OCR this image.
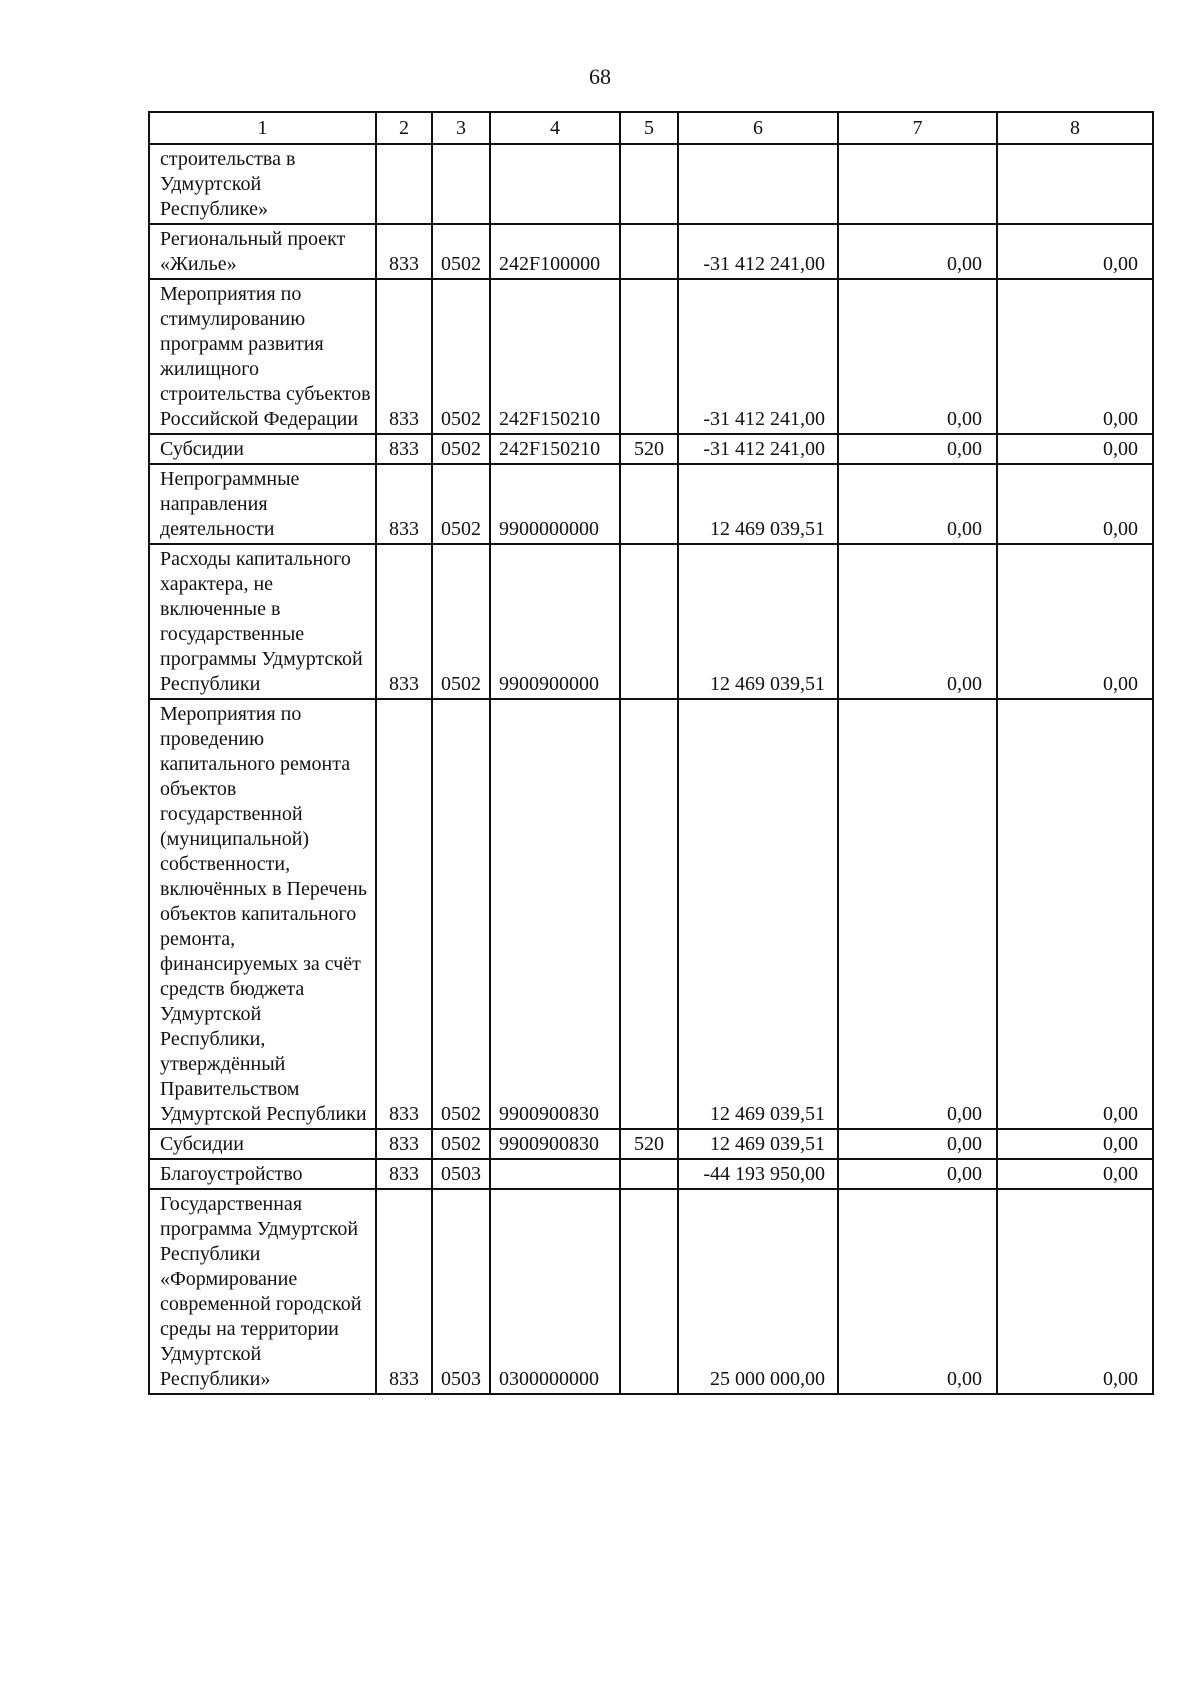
68
1	2	3	4	5	6	7	8
строительства в Удмуртской Республике»							
Региональный проект «Жилье»	833	0502	242F100000		-31 412 241,00	0,00	0,00
Мероприятия по стимулированию программ развития жилищного строительства субъектов Российской Федерации	833	0502	242F150210		-31 412 241,00	0,00	0,00
Субсидии	833	0502	242F150210	520	-31 412 241,00	0,00	0,00
Непрограммные направления деятельности	833	0502	9900000000		12 469 039,51	0,00	0,00
Расходы капитального характера, не включенные в государственные программы Удмуртской Республики	833	0502	9900900000		12 469 039,51	0,00	0,00
Мероприятия по проведению капитального ремонта объектов государственной (муниципальной) собственности, включённых в Перечень объектов капитального ремонта, финансируемых за счёт средств бюджета Удмуртской Республики, утверждённый Правительством Удмуртской Республики	833	0502	9900900830		12 469 039,51	0,00	0,00
Субсидии	833	0502	9900900830	520	12 469 039,51	0,00	0,00
Благоустройство	833	0503			-44 193 950,00	0,00	0,00
Государственная программа Удмуртской Республики «Формирование современной городской среды на территории Удмуртской Республики»	833	0503	0300000000		25 000 000,00	0,00	0,00
